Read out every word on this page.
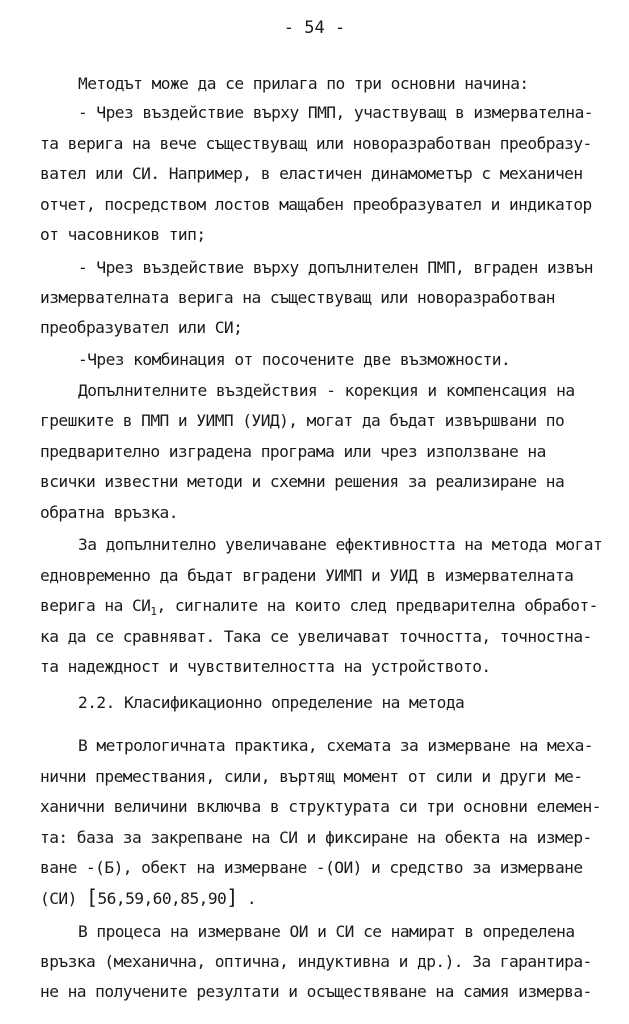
- 54 -
Методът може да се прилага по три основни начина:
- Чрез въздействие върху ПМП, участвуващ в измервателна-
та верига на вече съществуващ или новоразработван преобразу-
вател или СИ. Например, в еластичен динамометър с механичен
отчет, посредством лостов мащабен преобразувател и индикатор
от часовников тип;
- Чрез въздействие върху допълнителен ПМП, вграден извън
измервателната верига на съществуващ или новоразработван
преобразувател или СИ;
-Чрез комбинация от посочените две възможности.
Допълнителните въздействия - корекция и компенсация на
грешките в ПМП и УИМП (УИД), могат да бъдат извършвани по
предварително изградена програма или чрез използване на
всички известни методи и схемни решения за реализиране на
обратна връзка.
За допълнително увеличаване ефективността на метода могат
едновременно да бъдат вградени УИМП и УИД в измервателната
верига на $СИ_1$, сигналите на които след предварителна обработ-
ка да се сравняват. Така се увеличават точността, точностна-
та надеждност и чувствителността на устройството.
2.2. Класификационно определение на метода
В метрологичната практика, схемата за измерване на меха-
нични премествания, сили, въртящ момент от сили и други ме-
ханични величини включва в структурата си три основни елемен-
та: база за закрепване на СИ и фиксиране на обекта на измер-
ване -(Б), обект на измерване -(ОИ) и средство за измерване
(СИ) [56,59,60,85,90] .
В процеса на измерване ОИ и СИ се намират в определена
връзка (механична, оптична, индуктивна и др.). За гарантира-
не на получените резултати и осъществяване на самия измерва-
